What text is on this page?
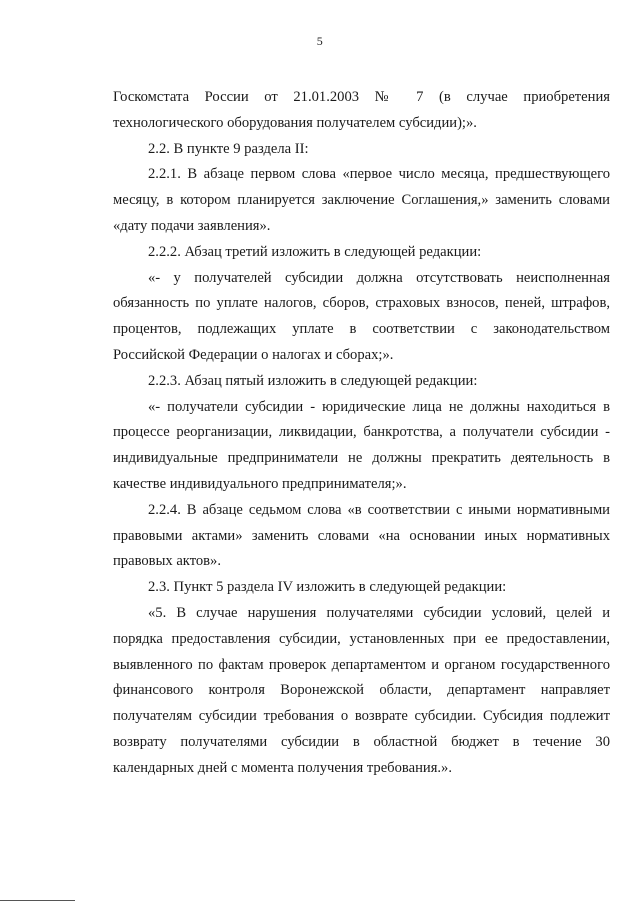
5

Госкомстата России от 21.01.2003 № 7 (в случае приобретения технологического оборудования получателем субсидии);».

2.2. В пункте 9 раздела II:

2.2.1. В абзаце первом слова «первое число месяца, предшествующего месяцу, в котором планируется заключение Соглашения,» заменить словами «дату подачи заявления».

2.2.2. Абзац третий изложить в следующей редакции:

«- у получателей субсидии должна отсутствовать неисполненная обязанность по уплате налогов, сборов, страховых взносов, пеней, штрафов, процентов, подлежащих уплате в соответствии с законодательством Российской Федерации о налогах и сборах;».

2.2.3. Абзац пятый изложить в следующей редакции:

«- получатели субсидии - юридические лица не должны находиться в процессе реорганизации, ликвидации, банкротства, а получатели субсидии - индивидуальные предприниматели не должны прекратить деятельность в качестве индивидуального предпринимателя;».

2.2.4. В абзаце седьмом слова «в соответствии с иными нормативными правовыми актами» заменить словами «на основании иных нормативных правовых актов».

2.3. Пункт 5 раздела IV изложить в следующей редакции:

«5. В случае нарушения получателями субсидии условий, целей и порядка предоставления субсидии, установленных при ее предоставлении, выявленного по фактам проверок департаментом и органом государственного финансового контроля Воронежской области, департамент направляет получателям субсидии требования о возврате субсидии. Субсидия подлежит возврату получателями субсидии в областной бюджет в течение 30 календарных дней с момента получения требования.».
